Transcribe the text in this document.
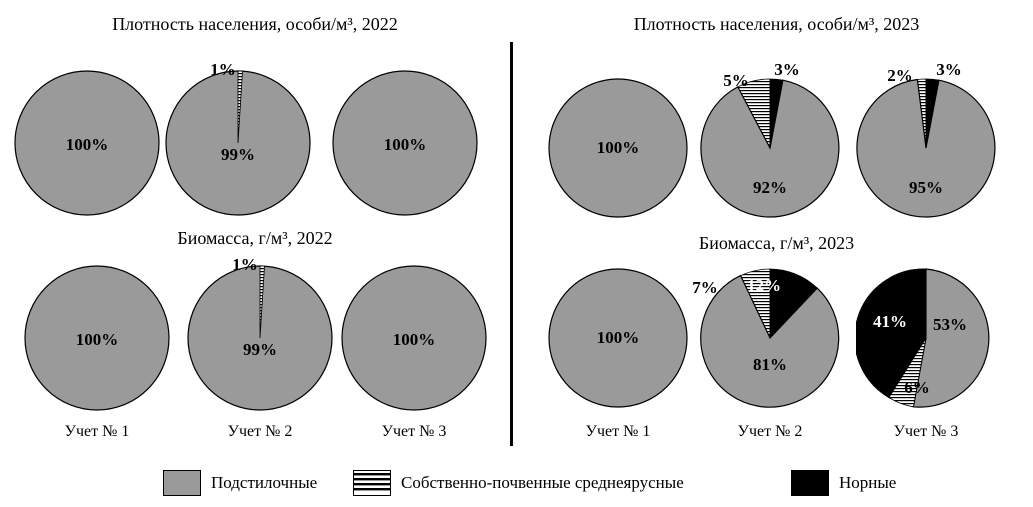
Плотность населения, особи/м³, 2022	Плотность населения, особи/м³, 2023
Биомасса, г/м³, 2022	Биомасса, г/м³, 2023
100%
99%
1%
100%	100%
92%
5%
3%
95%
2%	3%
100%
99%
1%
100%	100%
81%
7%	12%
53%
41%
6%
Учет № 1	Учет № 2	Учет № 3	Учет № 1	Учет № 2	Учет № 3
Подстилочные	Собственно-почвенные среднеярусные	Норные
